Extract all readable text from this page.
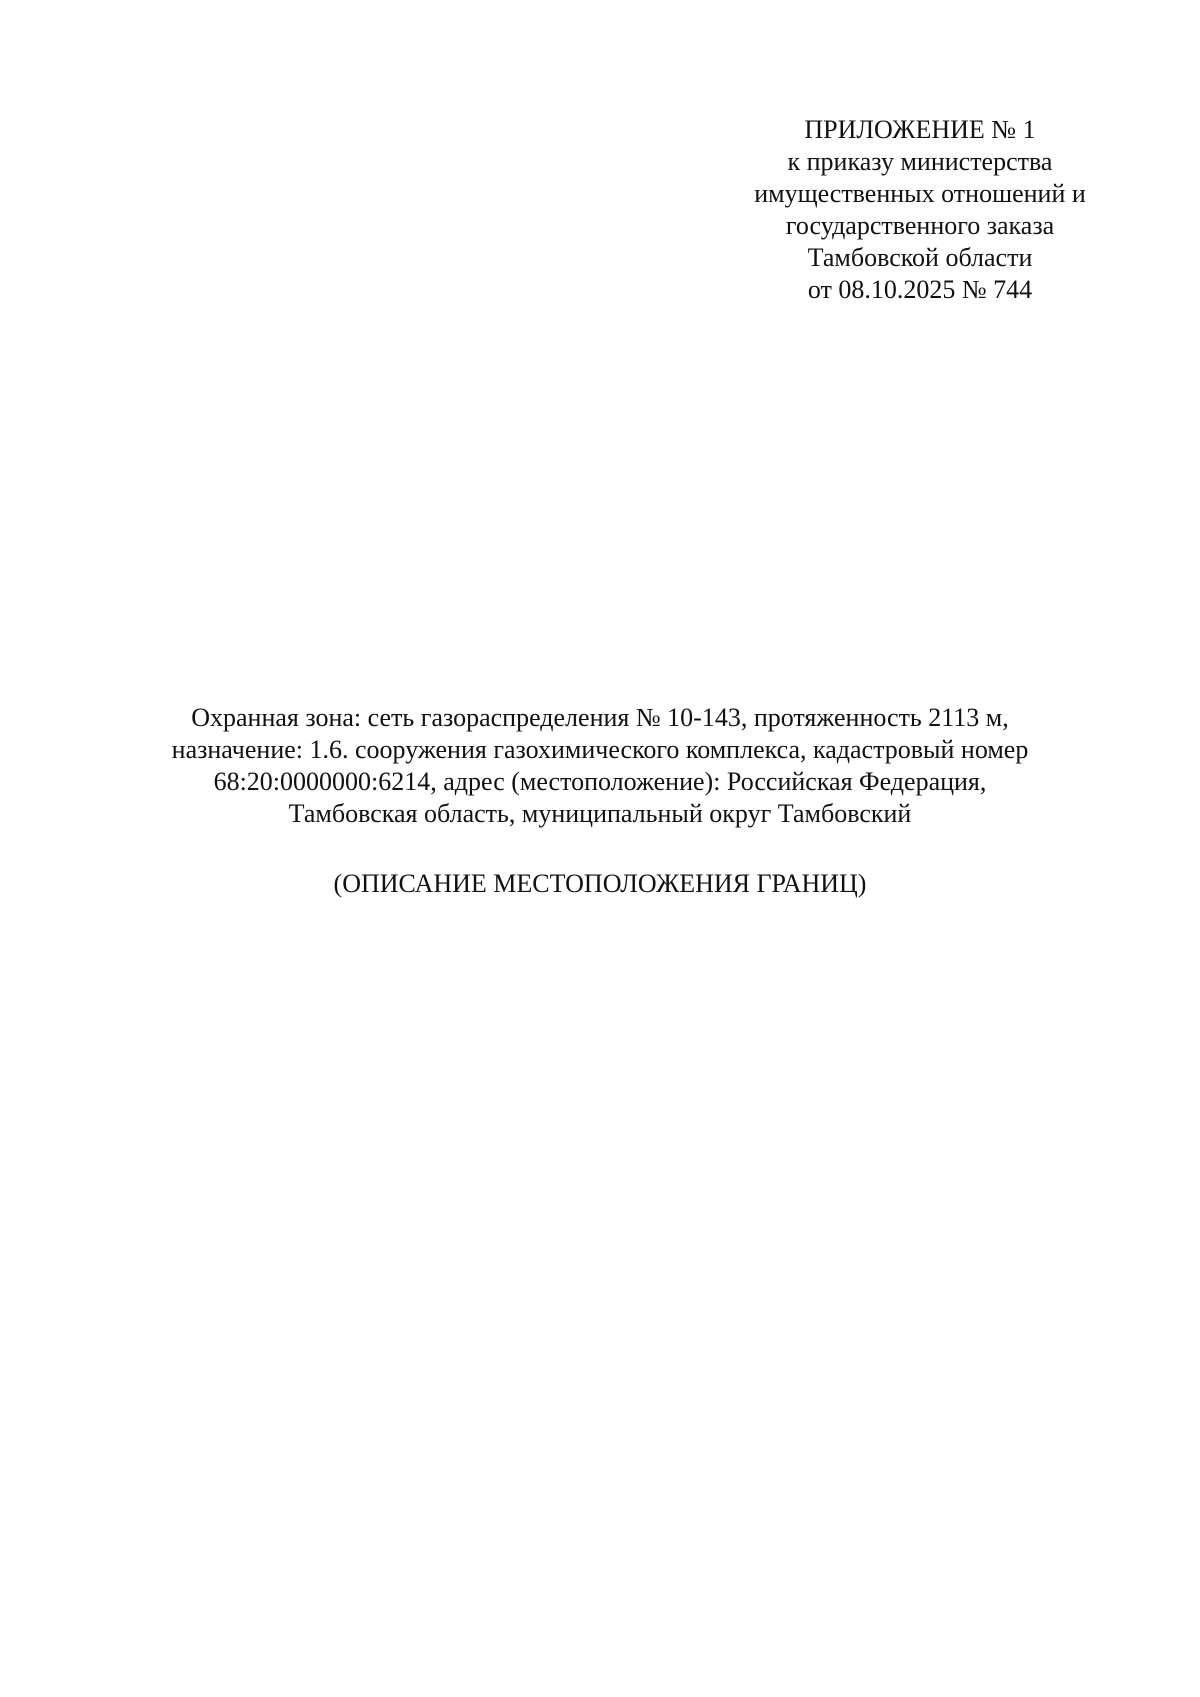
ПРИЛОЖЕНИЕ № 1
к приказу министерства
имущественных отношений и
государственного заказа
Тамбовской области
от 08.10.2025 № 744
Охранная зона: сеть газораспределения № 10-143, протяженность 2113 м,
назначение: 1.6. сооружения газохимического комплекса, кадастровый номер
68:20:0000000:6214, адрес (местоположение): Российская Федерация,
Тамбовская область, муниципальный округ Тамбовский
(ОПИСАНИЕ МЕСТОПОЛОЖЕНИЯ ГРАНИЦ)
